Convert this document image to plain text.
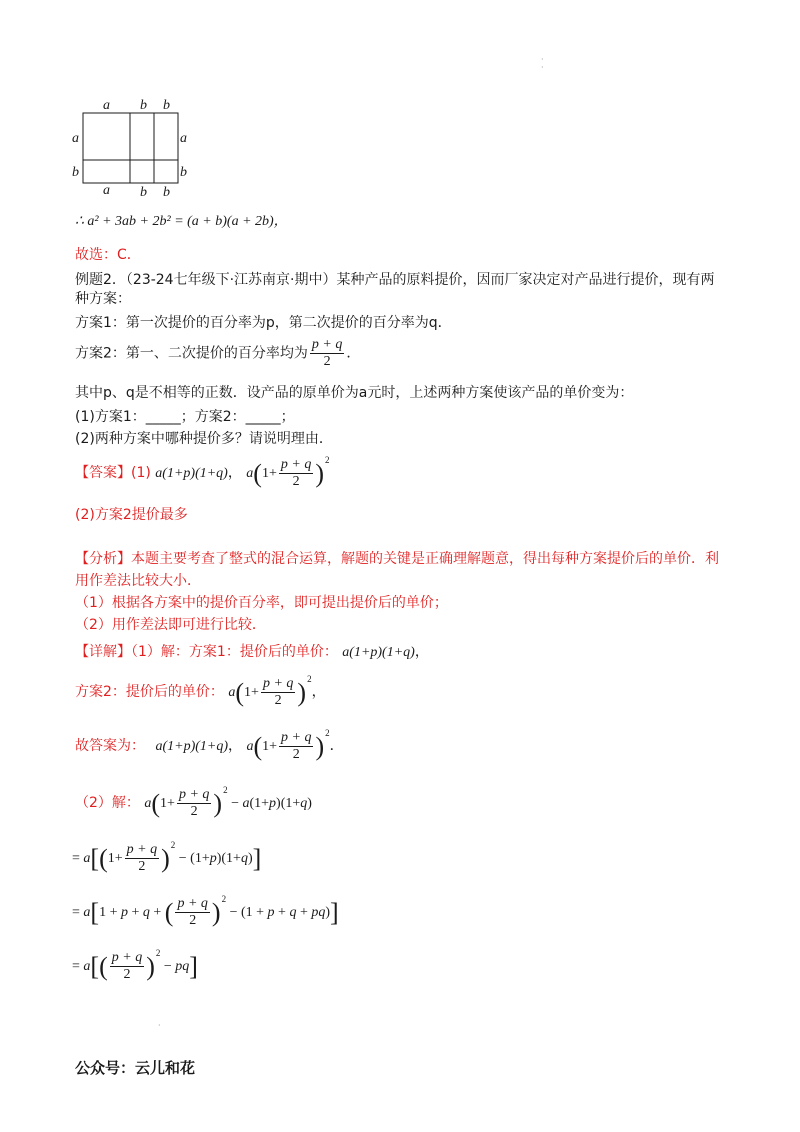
·
·
a b b
a
b
a
b
a b b
∴ a² + 3ab + 2b² = (a + b)(a + 2b)，
故选：C．
例题2．（23-24七年级下·江苏南京·期中）某种产品的原料提价，因而厂家决定对产品进行提价，现有两
种方案：
方案1：第一次提价的百分率为p，第二次提价的百分率为q．
方案2：第一、二次提价的百分率均为 $\frac{p + q}{2}$ ．
其中p、q是不相等的正数．设产品的原单价为a元时，上述两种方案使该产品的单价变为：
(1)方案1：_____；方案2：_____；
(2)两种方案中哪种提价多？请说明理由．
【答案】(1) a(1+p)(1+q)， $a(1+ \frac{p + q}{2} )^2$
(2)方案2提价最多
【分析】本题主要考查了整式的混合运算，解题的关键是正确理解题意，得出每种方案提价后的单价．利
用作差法比较大小．
（1）根据各方案中的提价百分率，即可提出提价后的单价；
（2）用作差法即可进行比较．
【详解】（1）解：方案1：提价后的单价： a(1+p)(1+q)，
方案2：提价后的单价： $a(1+ \frac{p + q}{2} )^2$，
故答案为： a(1+p)(1+q)， $a(1+ \frac{p + q}{2} )^2$．
（2）解： $a(1+ \frac{p + q}{2} )^2 - a(1+p)(1+q)$
= $a[(1+ \frac{p + q}{2} )^2 - (1+p)(1+q)]$
= a[1 + p + q + ( $\frac{p + q}{2} )^2 - (1 + p + q + pq)$]
= $a[( \frac{p + q}{2} )^2 - pq]$
·
公众号：云儿和花
